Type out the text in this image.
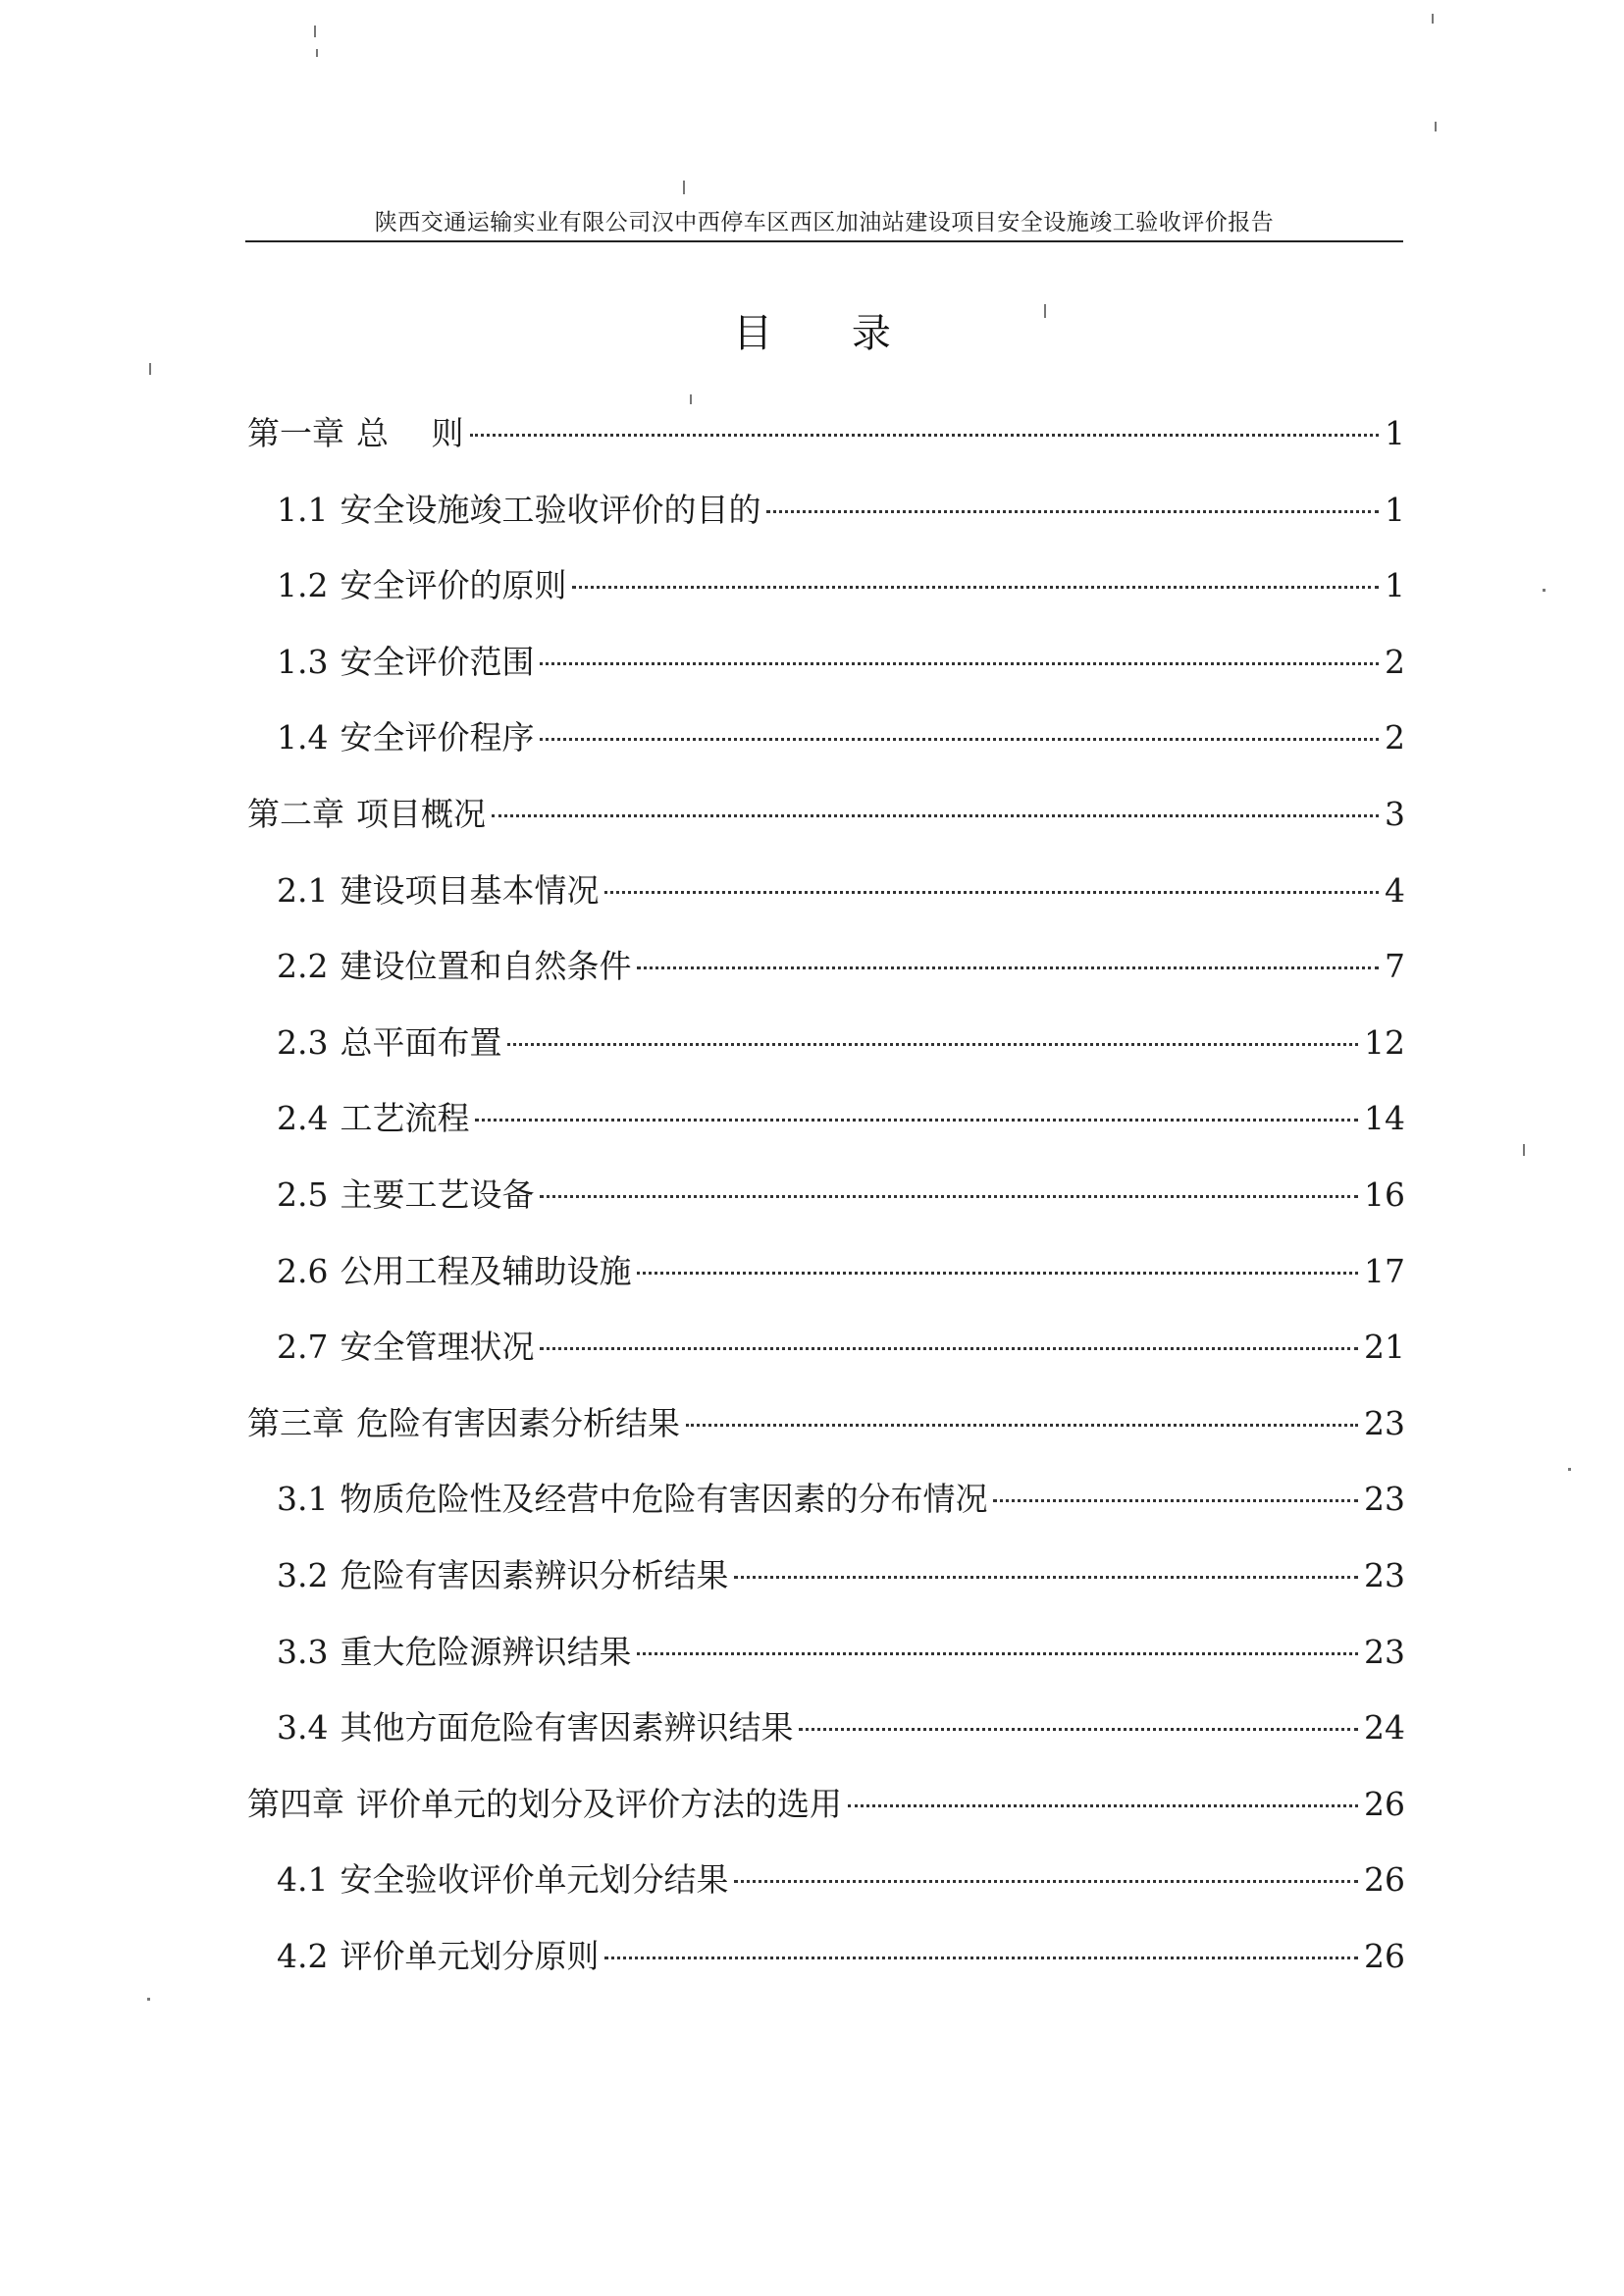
陕西交通运输实业有限公司汉中西停车区西区加油站建设项目安全设施竣工验收评价报告
目 录
第一章 总　 则	1
1.1 安全设施竣工验收评价的目的	1
1.2 安全评价的原则	1
1.3 安全评价范围	2
1.4 安全评价程序	2
第二章 项目概况	3
2.1 建设项目基本情况	4
2.2 建设位置和自然条件	7
2.3 总平面布置	12
2.4 工艺流程	14
2.5 主要工艺设备	16
2.6 公用工程及辅助设施	17
2.7 安全管理状况	21
第三章 危险有害因素分析结果	23
3.1 物质危险性及经营中危险有害因素的分布情况	23
3.2 危险有害因素辨识分析结果	23
3.3 重大危险源辨识结果	23
3.4 其他方面危险有害因素辨识结果	24
第四章 评价单元的划分及评价方法的选用	26
4.1 安全验收评价单元划分结果	26
4.2 评价单元划分原则	26
